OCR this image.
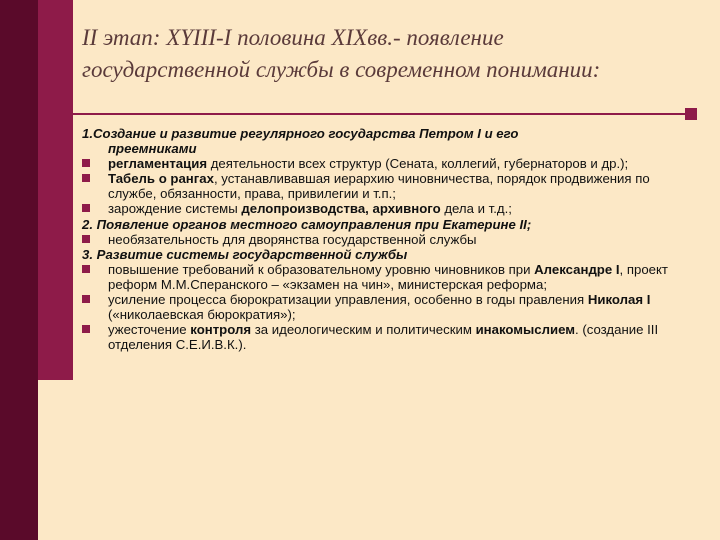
II этап: XYIII-I половина XIXвв.- появление
государственной службы в современном понимании:
1.Создание и развитие регулярного государства Петром I и его
преемниками
регламентация деятельности всех структур (Сената, коллегий, губернаторов и др.);
Табель о рангах, устанавливавшая иерархию чиновничества, порядок продвижения по службе, обязанности, права, привилегии и т.п.;
зарождение системы делопроизводства, архивного дела и т.д.;
2. Появление органов местного самоуправления при Екатерине II;
необязательность для дворянства государственной службы
3. Развитие системы государственной службы
повышение требований к образовательному уровню чиновников при Александре I, проект реформ М.М.Сперанского – «экзамен на чин», министерская реформа;
усиление процесса бюрократизации управления, особенно в годы правления Николая I («николаевская бюрократия»);
ужесточение контроля за идеологическим и политическим инакомыслием. (создание III отделения С.Е.И.В.К.).
